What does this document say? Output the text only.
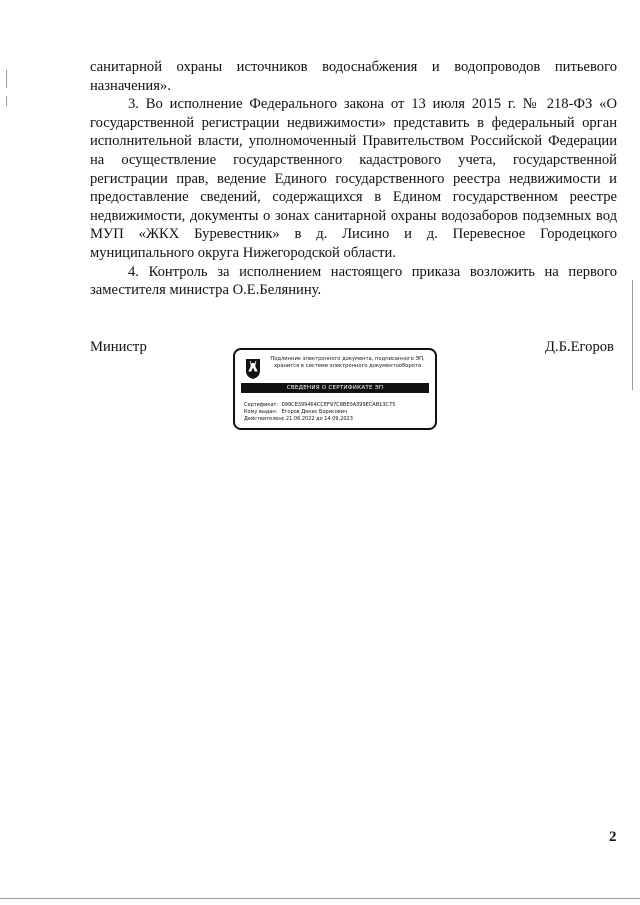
санитарной охраны источников водоснабжения и водопроводов питьевого назначения».

3. Во исполнение Федерального закона от 13 июля 2015 г. № 218-ФЗ «О государственной регистрации недвижимости» представить в федеральный орган исполнительной власти, уполномоченный Правительством Российской Федерации на осуществление государственного кадастрового учета, государственной регистрации прав, ведение Единого государственного реестра недвижимости и предоставление сведений, содержащихся в Едином государственном реестре недвижимости, документы о зонах санитарной охраны водозаборов подземных вод МУП «ЖКХ Буревестник» в д. Лисино и д. Перевесное Городецкого муниципального округа Нижегородской области.

4. Контроль за исполнением настоящего приказа возложить на первого заместителя министра О.Е.Белянину.

Министр	Д.Б.Егоров
Подлинник электронного документа, подписанного ЭП, хранится в системе электронного документооборота
СВЕДЕНИЯ О СЕРТИФИКАТЕ ЭП
Сертификат: 099CE399464CCEF97C8BE0A399ECAB13C75
Кому выдан: Егоров Денис Борисович
Действителен: с 21.06.2022 до 14.09.2023
2
